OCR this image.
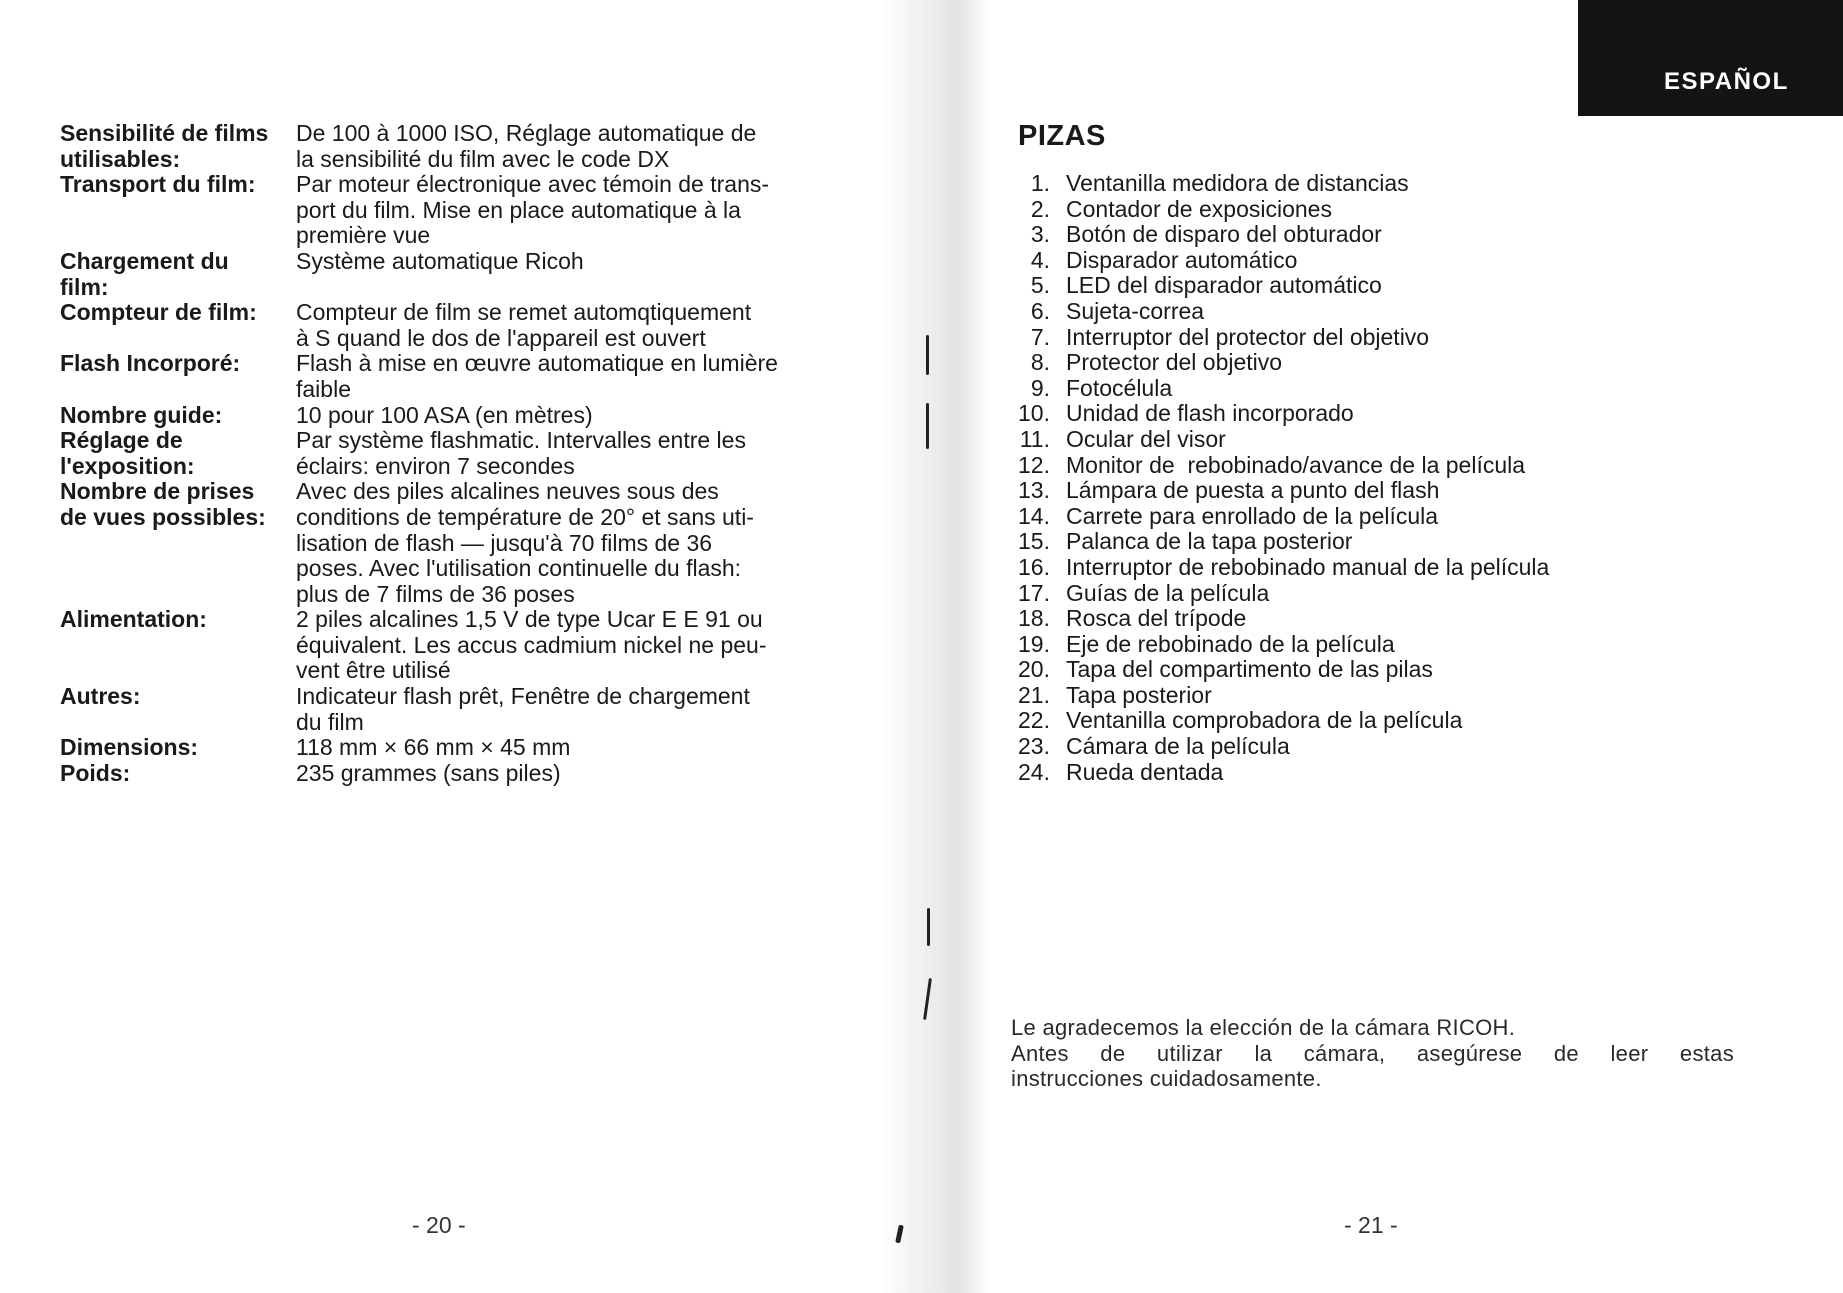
Sensibilité de films
utilisables:
De 100 à 1000 ISO, Réglage automatique de
la sensibilité du film avec le code DX
Transport du film:	Par moteur électronique avec témoin de trans-
port du film. Mise en place automatique à la
première vue
Chargement du
film:
Système automatique Ricoh
Compteur de film:	Compteur de film se remet automqtiquement
à S quand le dos de l'appareil est ouvert
Flash Incorporé:	Flash à mise en œuvre automatique en lumière
faible
Nombre guide:	10 pour 100 ASA (en mètres)
Réglage de
l'exposition:
Par système flashmatic. Intervalles entre les
éclairs: environ 7 secondes
Nombre de prises
de vues possibles:
Avec des piles alcalines neuves sous des
conditions de température de 20° et sans uti-
lisation de flash — jusqu'à 70 films de 36
poses. Avec l'utilisation continuelle du flash:
plus de 7 films de 36 poses
Alimentation:	2 piles alcalines 1,5 V de type Ucar E E 91 ou
équivalent. Les accus cadmium nickel ne peu-
vent être utilisé
Autres:	Indicateur flash prêt, Fenêtre de chargement
du film
Dimensions:	118 mm × 66 mm × 45 mm
Poids:	235 grammes (sans piles)
- 20 -
ESPAÑOL
PIZAS
1. Ventanilla medidora de distancias
2. Contador de exposiciones
3. Botón de disparo del obturador
4. Disparador automático
5. LED del disparador automático
6. Sujeta-correa
7. Interruptor del protector del objetivo
8. Protector del objetivo
9. Fotocélula
10. Unidad de flash incorporado
11. Ocular del visor
12. Monitor de  rebobinado/avance de la película
13. Lámpara de puesta a punto del flash
14. Carrete para enrollado de la película
15. Palanca de la tapa posterior
16. Interruptor de rebobinado manual de la película
17. Guías de la película
18. Rosca del trípode
19. Eje de rebobinado de la película
20. Tapa del compartimento de las pilas
21. Tapa posterior
22. Ventanilla comprobadora de la película
23. Cámara de la película
24. Rueda dentada

Le agradecemos la elección de la cámara RICOH.

Antes de utilizar la cámara, asegúrese de leer estas

instrucciones cuidadosamente.

- 21 -
